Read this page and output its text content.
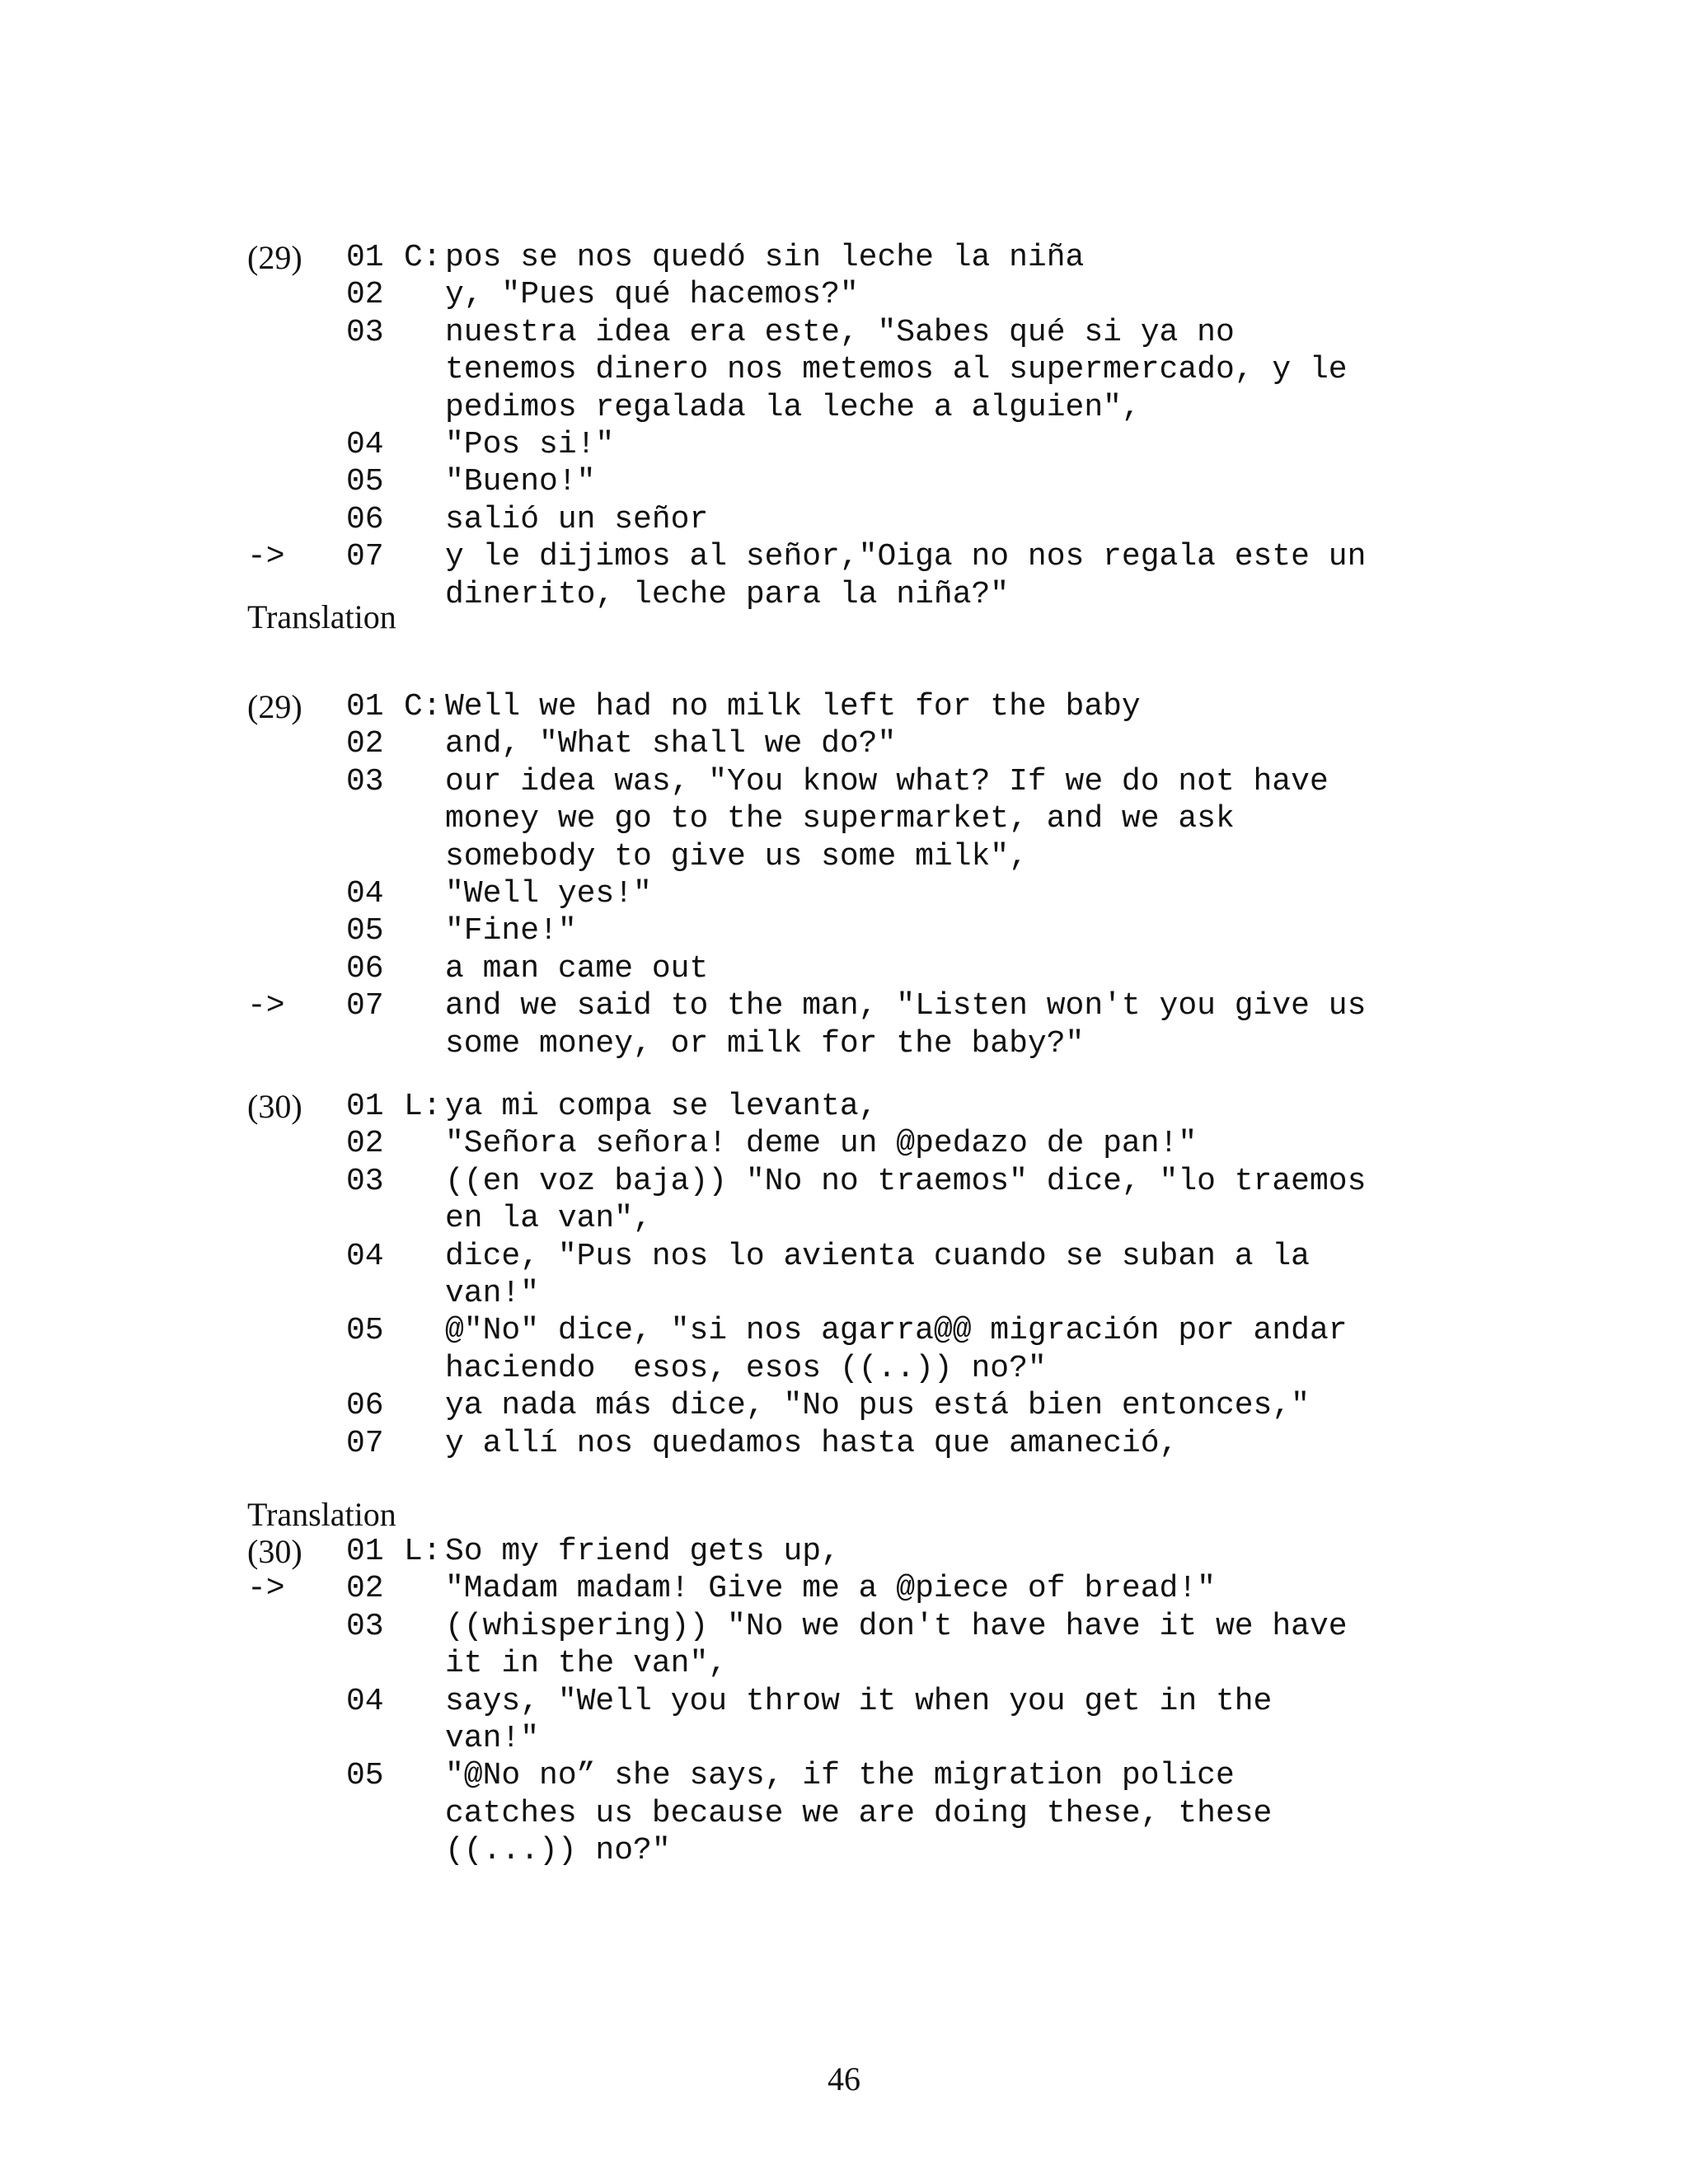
(29) 01 C: pos se nos quedó sin leche la niña
02 y, "Pues qué hacemos?"
03 nuestra idea era este, "Sabes qué si ya no
tenemos dinero nos metemos al supermercado, y le
pedimos regalada la leche a alguien",
04 "Pos si!"
05 "Bueno!"
06 salió un señor
-> 07 y le dijimos al señor,"Oiga no nos regala este un
dinerito, leche para la niña?"
Translation
(29) 01 C: Well we had no milk left for the baby
02 and, "What shall we do?"
03 our idea was, "You know what? If we do not have
money we go to the supermarket, and we ask
somebody to give us some milk",
04 "Well yes!"
05 "Fine!"
06 a man came out
-> 07 and we said to the man, "Listen won't you give us
some money, or milk for the baby?"
(30) 01 L: ya mi compa se levanta,
02 "Señora señora! deme un @pedazo de pan!"
03 ((en voz baja)) "No no traemos" dice, "lo traemos
en la van",
04 dice, "Pus nos lo avienta cuando se suban a la
van!"
05 @"No" dice, "si nos agarra@@ migración por andar
haciendo  esos, esos ((..)) no?"
06 ya nada más dice, "No pus está bien entonces,"
07 y allí nos quedamos hasta que amaneció,
Translation
(30) 01 L: So my friend gets up,
-> 02 "Madam madam! Give me a @piece of bread!"
03 ((whispering)) "No we don't have have it we have
it in the van",
04 says, "Well you throw it when you get in the
van!"
05 "@No no” she says, if the migration police
catches us because we are doing these, these
((...)) no?"
46
